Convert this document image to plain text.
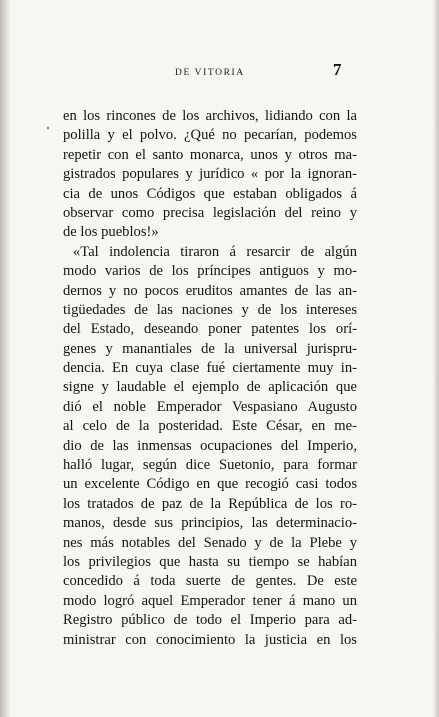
DE VITORIA	7
en los rincones de los archivos, lidiando con la
polilla y el polvo. ¿Qué no pecarían, podemos
repetir con el santo monarca, unos y otros ma-
gistrados populares y jurídico « por la ignoran-
cia de unos Códigos que estaban obligados á
observar como precisa legislación del reino y
de los pueblos!»
«Tal indolencia tiraron á resarcir de algún
modo varios de los príncipes antiguos y mo-
dernos y no pocos eruditos amantes de las an-
tigüedades de las naciones y de los intereses
del Estado, deseando poner patentes los orí-
genes y manantiales de la universal jurispru-
dencia. En cuya clase fué ciertamente muy in-
signe y laudable el ejemplo de aplicación que
dió el noble Emperador Vespasiano Augusto
al celo de la posteridad. Este César, en me-
dio de las inmensas ocupaciones del Imperio,
halló lugar, según dice Suetonio, para formar
un excelente Código en que recogió casi todos
los tratados de paz de la República de los ro-
manos, desde sus principios, las determinacio-
nes más notables del Senado y de la Plebe y
los privilegios que hasta su tiempo se habían
concedido á toda suerte de gentes. De este
modo logró aquel Emperador tener á mano un
Registro público de todo el Imperio para ad-
ministrar con conocimiento la justicia en los
